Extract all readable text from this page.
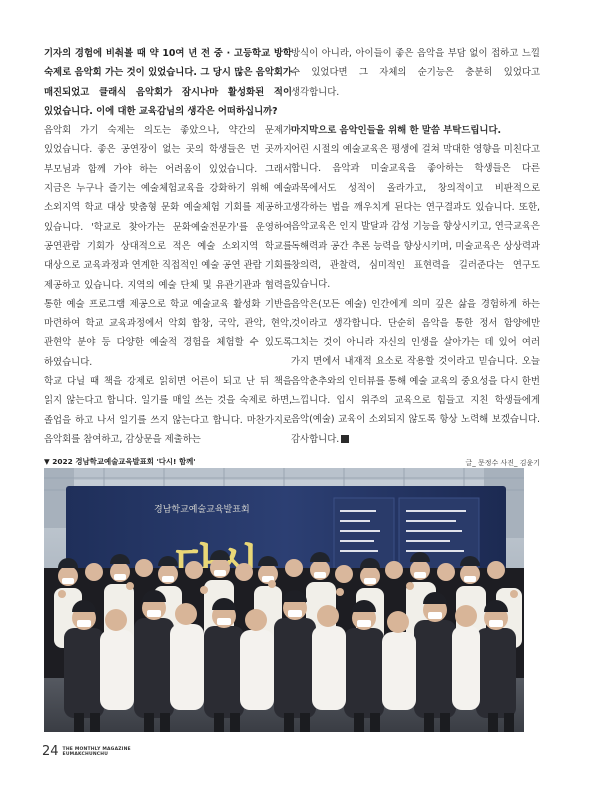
기자의 경험에 비춰볼 때 약 10여 년 전 중 · 고등학교 방학 숙제로 음악회 가는 것이 있었습니다. 그 당시 많은 음악회가 매진되었고 클래식 음악회가 잠시나마 활성화된 적이 있었습니다. 이에 대한 교육감님의 생각은 어떠하십니까?

음악회 가기 숙제는 의도는 좋았으나, 약간의 문제가 있었습니다. 좋은 공연장이 없는 곳의 학생들은 먼 곳까지 부모님과 함께 가야 하는 어려움이 있었습니다. 그래서 지금은 누구나 즐기는 예술체험교육을 강화하기 위해 예술 소외지역 학교 대상 맞춤형 문화 예술체험 기회를 제공하고 있습니다. '학교로 찾아가는 문화예술전문가'를 운영하여 공연관람 기회가 상대적으로 적은 예술 소외지역 학교를 대상으로 교육과정과 연계한 직접적인 예술 공연 관람 기회를 제공하고 있습니다. 지역의 예술 단체 및 유관기관과 협력을 통한 예술 프로그램 제공으로 학교 예술교육 활성화 기반을 마련하여 학교 교육과정에서 악회 합창, 국악, 관악, 현악, 관현악 분야 등 다양한 예술적 경험을 체험할 수 있도록 하였습니다.

학교 다닐 때 책을 강제로 읽히면 어른이 되고 난 뒤 책을 읽지 않는다고 합니다. 일기를 매일 쓰는 것을 숙제로 하면, 졸업을 하고 나서 일기를 쓰지 않는다고 합니다. 마찬가지로 음악회를 참여하고, 감상문을 제출하는

방식이 아니라, 아이들이 좋은 음악을 부담 없이 접하고 느낄 수 있었다면 그 자체의 순기능은 충분히 있었다고 생각합니다.

마지막으로 음악인들을 위해 한 말씀 부탁드립니다.

어린 시절의 예술교육은 평생에 걸쳐 막대한 영향을 미친다고 합니다. 음악과 미술교육을 좋아하는 학생들은 다른 과목에서도 성적이 올라가고, 창의적이고 비판적으로 생각하는 법을 깨우치게 된다는 연구결과도 있습니다. 또한, 음악교육은 인지 발달과 감성 기능을 향상시키고, 연극교육은 독해력과 공간 추론 능력을 향상시키며, 미술교육은 상상력과 창의력, 관찰력, 심미적인 표현력을 길러준다는 연구도 있습니다.

음악은(모든 예술) 인간에게 의미 깊은 삶을 경험하게 하는 것이라고 생각합니다. 단순히 음악을 통한 정서 함양에만 그치는 것이 아니라 자신의 인생을 살아가는 데 있어 여러 가지 면에서 내재적 요소로 작용할 것이라고 믿습니다. 오늘 음악춘추와의 인터뷰를 통해 예술 교육의 중요성을 다시 한번 느낍니다. 입시 위주의 교육으로 힘들고 지친 학생들에게 음악(예술) 교육이 소외되지 않도록 항상 노력해 보겠습니다. 감사합니다.

글_ 문정수 사진_ 김윤기
▼ 2022 경남학교예술교육발표회 '다시! 함께'
경남학교예술교육발표회
24 THE MONTHLY MAGAZINE
EUMAKCHUNCHU
